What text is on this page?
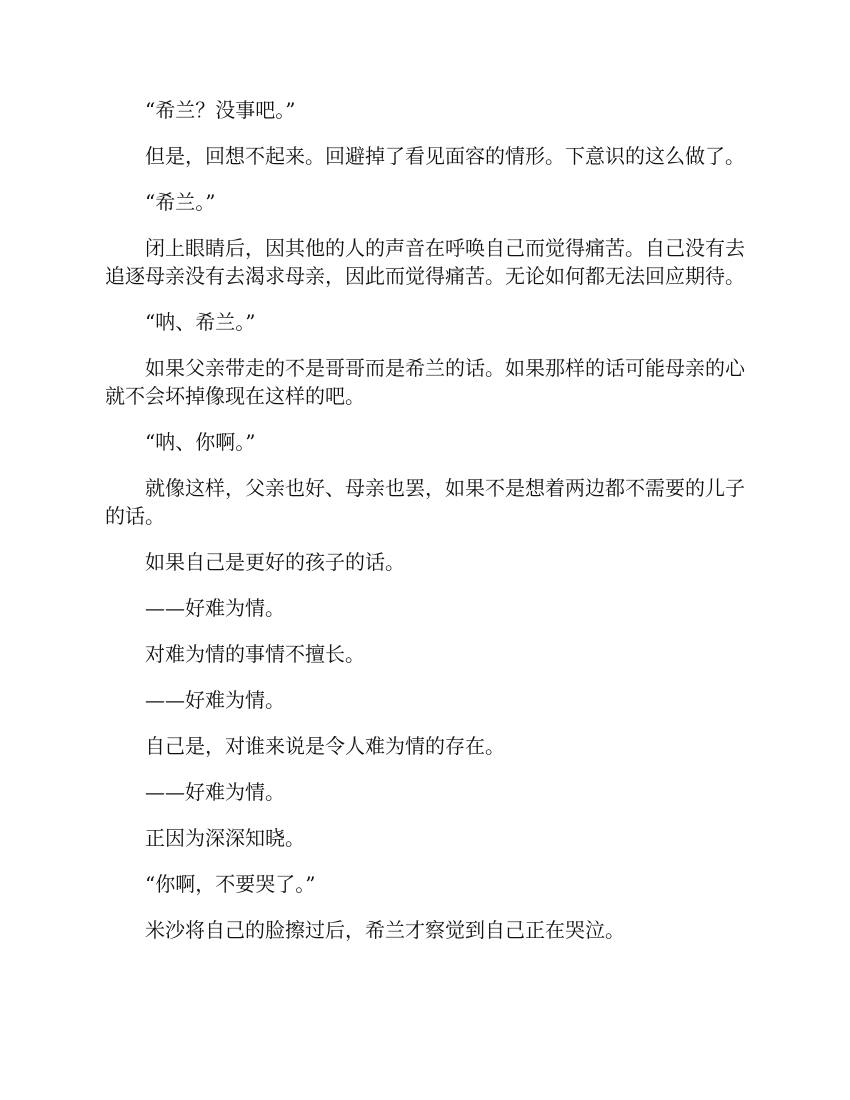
“希兰？没事吧。”

但是，回想不起来。回避掉了看见面容的情形。下意识的这么做了。

“希兰。”

闭上眼睛后，因其他的人的声音在呼唤自己而觉得痛苦。自己没有去追逐母亲没有去渴求母亲，因此而觉得痛苦。无论如何都无法回应期待。

“呐、希兰。”

如果父亲带走的不是哥哥而是希兰的话。如果那样的话可能母亲的心就不会坏掉像现在这样的吧。

“呐、你啊。”

就像这样，父亲也好、母亲也罢，如果不是想着两边都不需要的儿子的话。

如果自己是更好的孩子的话。

——好难为情。

对难为情的事情不擅长。

——好难为情。

自己是，对谁来说是令人难为情的存在。

——好难为情。

正因为深深知晓。

“你啊，不要哭了。”

米沙将自己的脸擦过后，希兰才察觉到自己正在哭泣。
